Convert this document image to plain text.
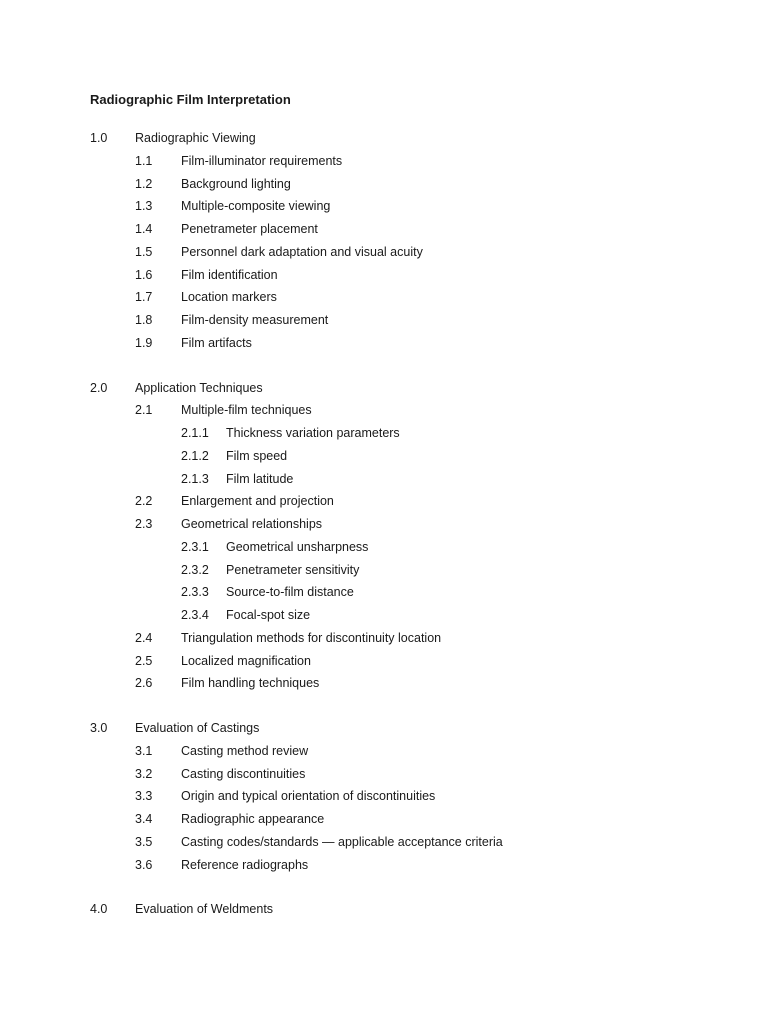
Radiographic Film Interpretation
1.0 Radiographic Viewing
1.1 Film-illuminator requirements
1.2 Background lighting
1.3 Multiple-composite viewing
1.4 Penetrameter placement
1.5 Personnel dark adaptation and visual acuity
1.6 Film identification
1.7 Location markers
1.8 Film-density measurement
1.9 Film artifacts
2.0 Application Techniques
2.1 Multiple-film techniques
2.1.1 Thickness variation parameters
2.1.2 Film speed
2.1.3 Film latitude
2.2 Enlargement and projection
2.3 Geometrical relationships
2.3.1 Geometrical unsharpness
2.3.2 Penetrameter sensitivity
2.3.3 Source-to-film distance
2.3.4 Focal-spot size
2.4 Triangulation methods for discontinuity location
2.5 Localized magnification
2.6 Film handling techniques
3.0 Evaluation of Castings
3.1 Casting method review
3.2 Casting discontinuities
3.3 Origin and typical orientation of discontinuities
3.4 Radiographic appearance
3.5 Casting codes/standards — applicable acceptance criteria
3.6 Reference radiographs
4.0 Evaluation of Weldments
